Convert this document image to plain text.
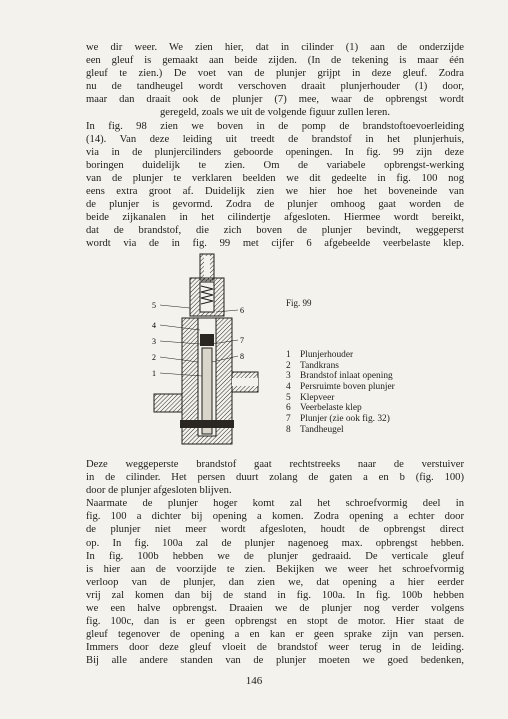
we dir weer. We zien hier, dat in cilinder (1) aan de onderzijde
een gleuf is gemaakt aan beide zijden. (In de tekening is maar één
gleuf te zien.) De voet van de plunjer grijpt in deze gleuf. Zodra
nu de tandheugel wordt verschoven draait plunjerhouder (1) door,
maar dan draait ook de plunjer (7) mee, waar de opbrengst wordt
geregeld, zoals we uit de volgende figuur zullen leren.
In fig. 98 zien we boven in de pomp de brandstoftoevoerleiding
(14). Van deze leiding uit treedt de brandstof in het plunjerhuis,
via in de plunjercilinders geboorde openingen. In fig. 99 zijn deze
boringen duidelijk te zien. Om de variabele opbrengst-werking
van de plunjer te verklaren beelden we dit gedeelte in fig. 100 nog
eens extra groot af. Duidelijk zien we hier hoe het boveneinde van
de plunjer is gevormd. Zodra de plunjer omhoog gaat worden de
beide zijkanalen in het cilindertje afgesloten. Hiermee wordt bereikt,
dat de brandstof, die zich boven de plunjer bevindt, weggeperst
wordt via de in fig. 99 met cijfer 6 afgebeelde veerbelaste klep.
5
4
3
2
1
6
7
8
Fig. 99
1 Plunjerhouder
2 Tandkrans
3 Brandstof inlaat opening
4 Persruimte boven plunjer
5 Klepveer
6 Veerbelaste klep
7 Plunjer (zie ook fig. 32)
8 Tandheugel
Deze weggeperste brandstof gaat rechtstreeks naar de verstuiver
in de cilinder. Het persen duurt zolang de gaten a en b (fig. 100)
door de plunjer afgesloten blijven.
Naarmate de plunjer hoger komt zal het schroefvormig deel in
fig. 100 a dichter bij opening a komen. Zodra opening a echter door
de plunjer niet meer wordt afgesloten, houdt de opbrengst direct
op. In fig. 100a zal de plunjer nagenoeg max. opbrengst hebben.
In fig. 100b hebben we de plunjer gedraaid. De verticale gleuf
is hier aan de voorzijde te zien. Bekijken we weer het schroefvormig
verloop van de plunjer, dan zien we, dat opening a hier eerder
vrij zal komen dan bij de stand in fig. 100a. In fig. 100b hebben
we een halve opbrengst. Draaien we de plunjer nog verder volgens
fig. 100c, dan is er geen opbrengst en stopt de motor. Hier staat de
gleuf tegenover de opening a en kan er geen sprake zijn van persen.
Immers door deze gleuf vloeit de brandstof weer terug in de leiding.
Bij alle andere standen van de plunjer moeten we goed bedenken,
146
